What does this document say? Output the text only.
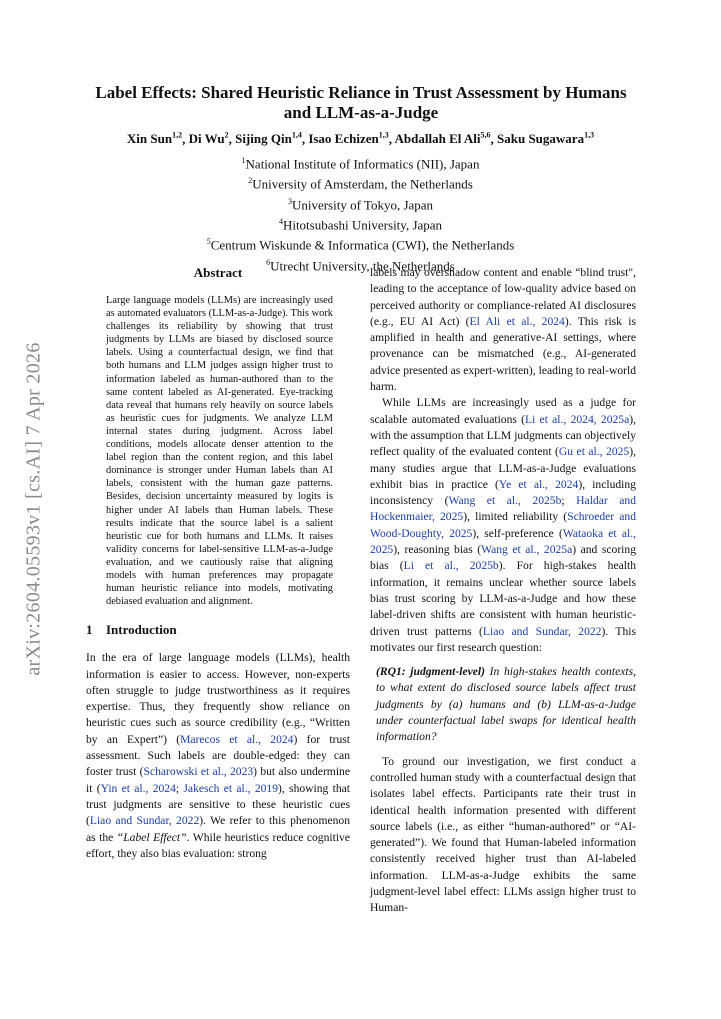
arXiv:2604.05593v1 [cs.AI] 7 Apr 2026
Label Effects: Shared Heuristic Reliance in Trust Assessment by Humans and LLM-as-a-Judge
Xin Sun$^{1,2}$, Di Wu$^2$, Sijing Qin$^{1,4}$, Isao Echizen$^{1,3}$, Abdallah El Ali$^{5,6}$, Saku Sugawara$^{1,3}$
$^1$National Institute of Informatics (NII), Japan
$^2$University of Amsterdam, the Netherlands
$^3$University of Tokyo, Japan
$^4$Hitotsubashi University, Japan
$^5$Centrum Wiskunde & Informatica (CWI), the Netherlands
$^6$Utrecht University, the Netherlands
Abstract
Large language models (LLMs) are increasingly used as automated evaluators (LLM-as-a-Judge). This work challenges its reliability by showing that trust judgments by LLMs are biased by disclosed source labels. Using a counterfactual design, we find that both humans and LLM judges assign higher trust to information labeled as human-authored than to the same content labeled as AI-generated. Eye-tracking data reveal that humans rely heavily on source labels as heuristic cues for judgments. We analyze LLM internal states during judgment. Across label conditions, models allocate denser attention to the label region than the content region, and this label dominance is stronger under Human labels than AI labels, consistent with the human gaze patterns. Besides, decision uncertainty measured by logits is higher under AI labels than Human labels. These results indicate that the source label is a salient heuristic cue for both humans and LLMs. It raises validity concerns for label-sensitive LLM-as-a-Judge evaluation, and we cautiously raise that aligning models with human preferences may propagate human heuristic reliance into models, motivating debiased evaluation and alignment.
1 Introduction
In the era of large language models (LLMs), health information is easier to access. However, non-experts often struggle to judge trustworthiness as it requires expertise. Thus, they frequently show reliance on heuristic cues such as source credibility (e.g., “Written by an Expert”) (Marecos et al., 2024) for trust assessment. Such labels are double-edged: they can foster trust (Scharowski et al., 2023) but also undermine it (Yin et al., 2024; Jakesch et al., 2019), showing that trust judgments are sensitive to these heuristic cues (Liao and Sundar, 2022). We refer to this phenomenon as the “Label Effect”. While heuristics reduce cognitive effort, they also bias evaluation: strong
labels may overshadow content and enable “blind trust", leading to the acceptance of low-quality advice based on perceived authority or compliance-related AI disclosures (e.g., EU AI Act) (El Ali et al., 2024). This risk is amplified in health and generative-AI settings, where provenance can be mismatched (e.g., AI-generated advice presented as expert-written), leading to real-world harm.
While LLMs are increasingly used as a judge for scalable automated evaluations (Li et al., 2024, 2025a), with the assumption that LLM judgments can objectively reflect quality of the evaluated content (Gu et al., 2025), many studies argue that LLM-as-a-Judge evaluations exhibit bias in practice (Ye et al., 2024), including inconsistency (Wang et al., 2025b; Haldar and Hockenmaier, 2025), limited reliability (Schroeder and Wood-Doughty, 2025), self-preference (Wataoka et al., 2025), reasoning bias (Wang et al., 2025a) and scoring bias (Li et al., 2025b). For high-stakes health information, it remains unclear whether source labels bias trust scoring by LLM-as-a-Judge and how these label-driven shifts are consistent with human heuristic-driven trust patterns (Liao and Sundar, 2022). This motivates our first research question:
(RQ1: judgment-level) In high-stakes health contexts, to what extent do disclosed source labels affect trust judgments by (a) humans and (b) LLM-as-a-Judge under counterfactual label swaps for identical health information?
To ground our investigation, we first conduct a controlled human study with a counterfactual design that isolates label effects. Participants rate their trust in identical health information presented with different source labels (i.e., as either “human-authored” or “AI-generated”). We found that Human-labeled information consistently received higher trust than AI-labeled information. LLM-as-a-Judge exhibits the same judgment-level label effect: LLMs assign higher trust to Human-
